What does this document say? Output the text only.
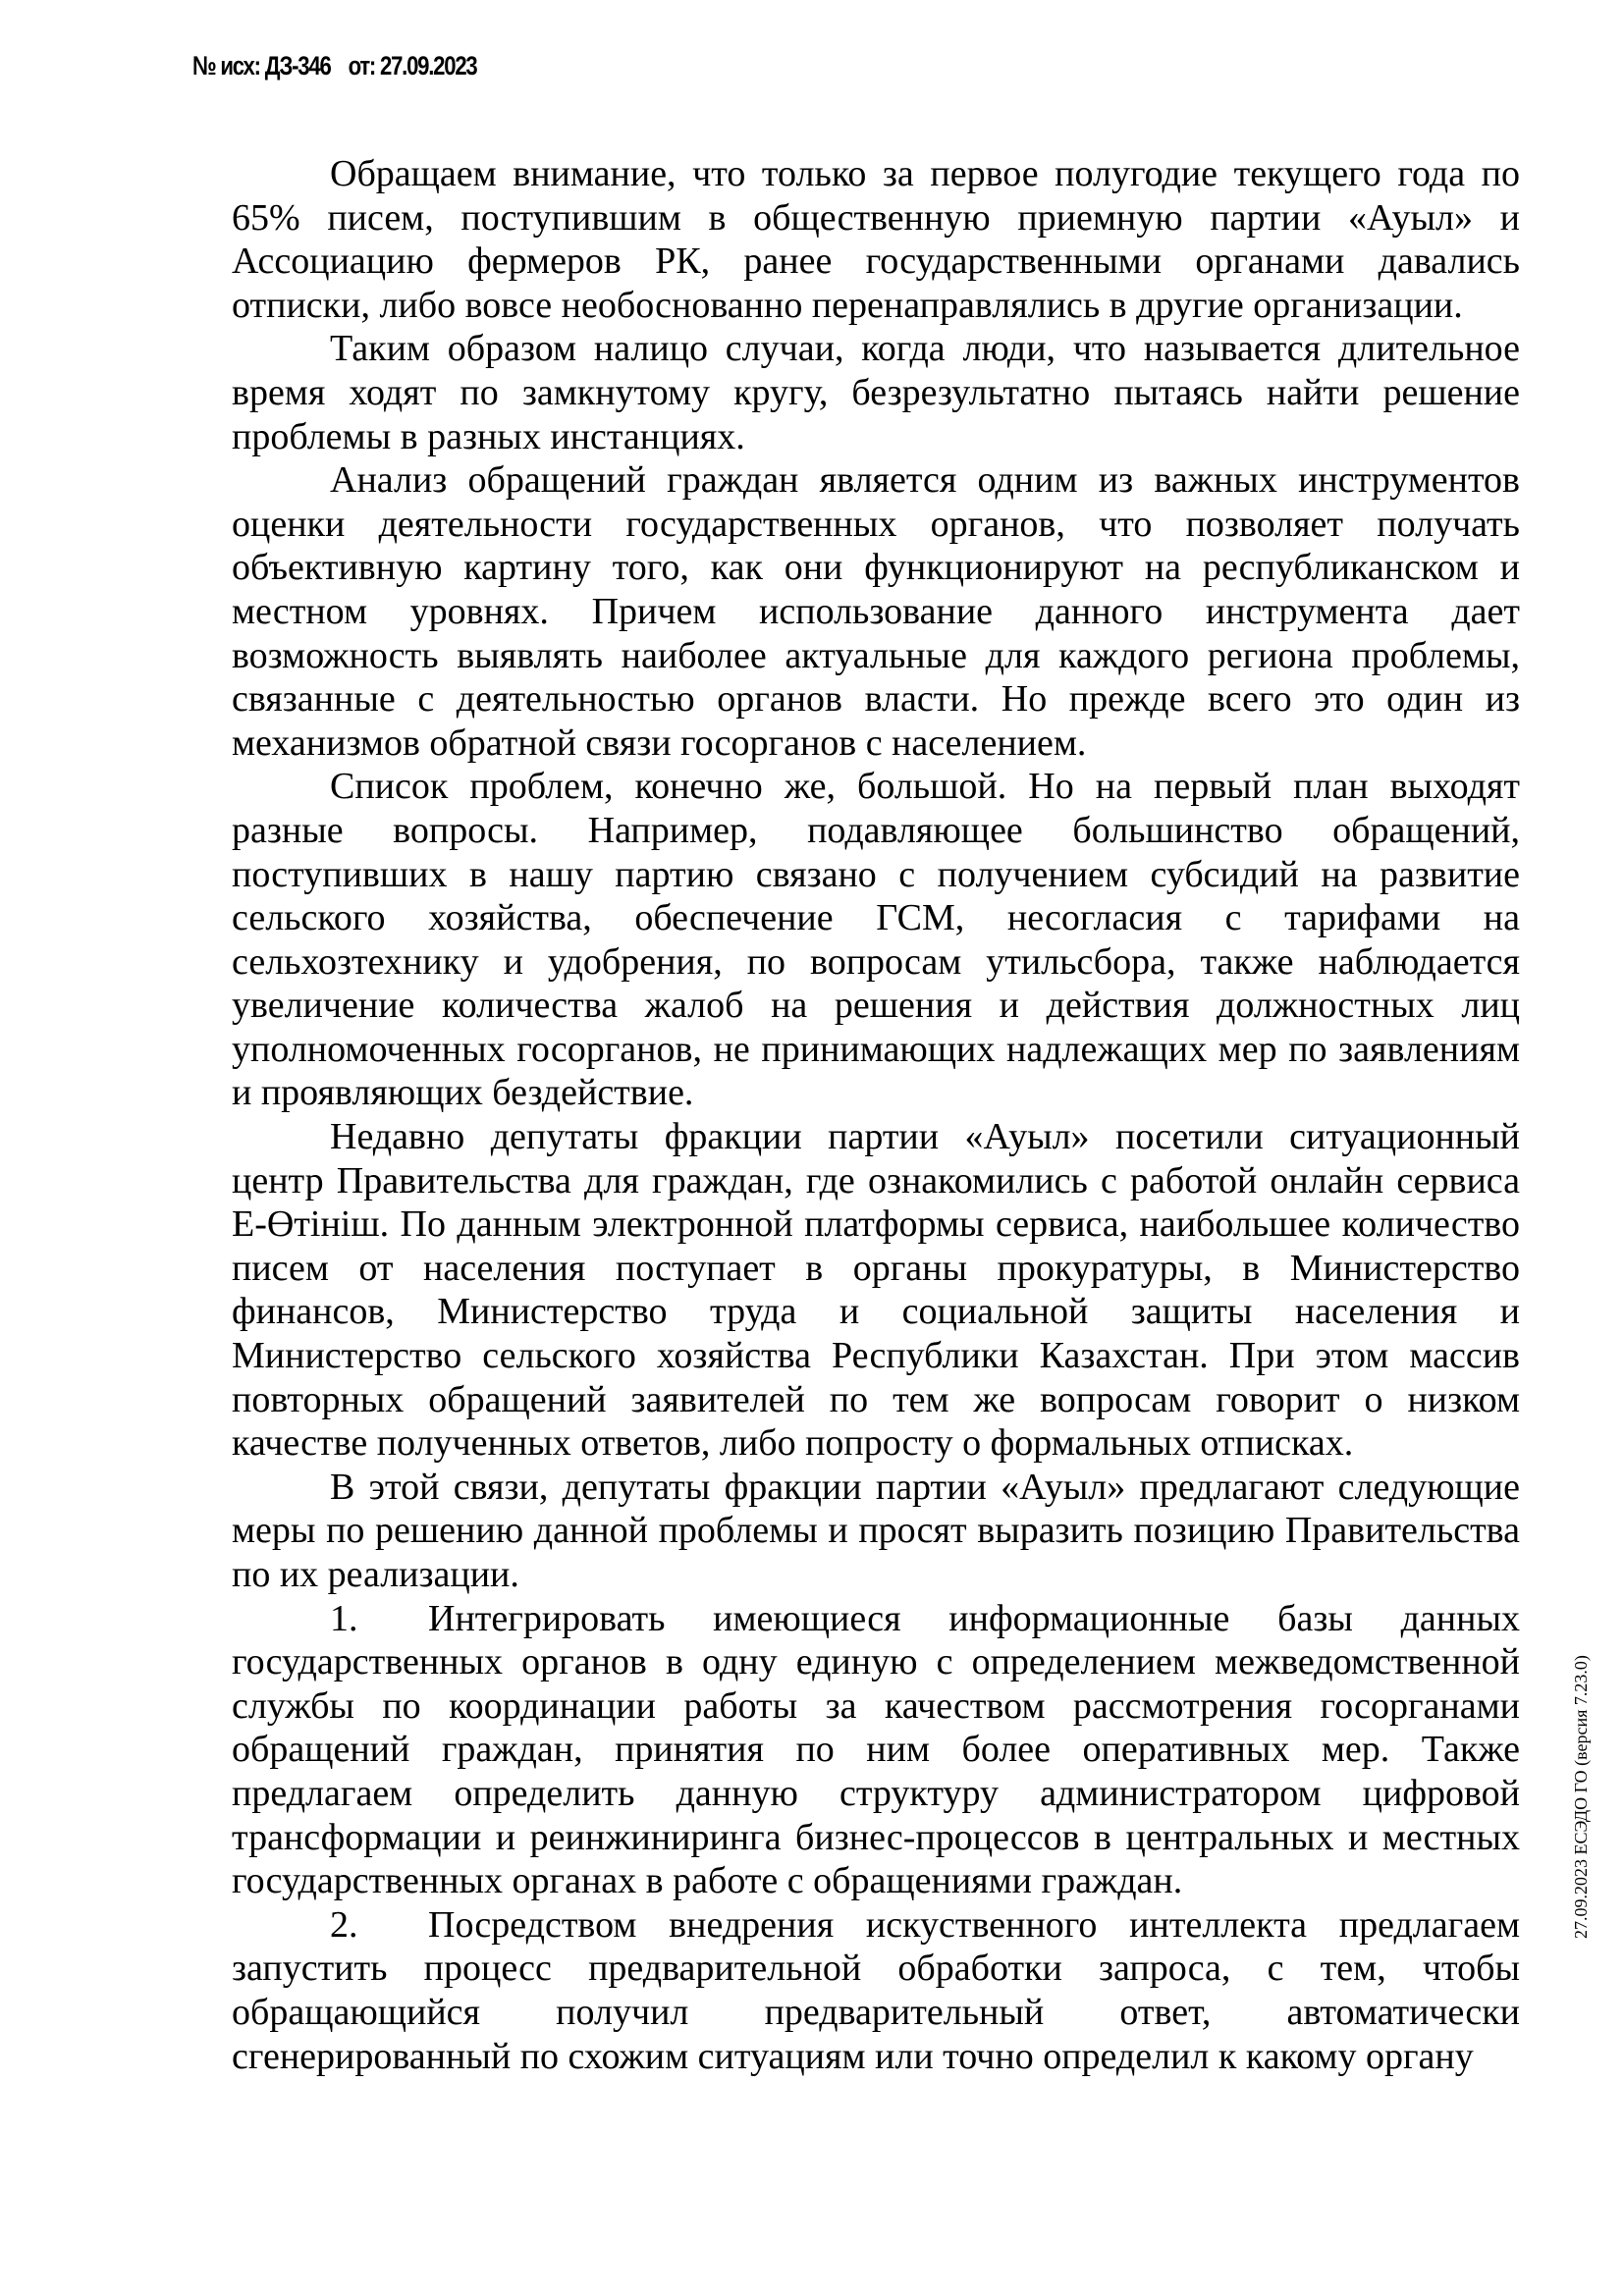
№ исх: ДЗ-346 от: 27.09.2023

Обращаем внимание, что только за первое полугодие текущего года по 65% писем, поступившим в общественную приемную партии «Ауыл» и Ассоциацию фермеров РК, ранее государственными органами давались отписки, либо вовсе необоснованно перенаправлялись в другие организации.

Таким образом налицо случаи, когда люди, что называется длительное время ходят по замкнутому кругу, безрезультатно пытаясь найти решение проблемы в разных инстанциях.

Анализ обращений граждан является одним из важных инструментов оценки деятельности государственных органов, что позволяет получать объективную картину того, как они функционируют на республиканском и местном уровнях. Причем использование данного инструмента дает возможность выявлять наиболее актуальные для каждого региона проблемы, связанные с деятельностью органов власти. Но прежде всего это один из механизмов обратной связи госорганов с населением.

Список проблем, конечно же, большой. Но на первый план выходят разные вопросы. Например, подавляющее большинство обращений, поступивших в нашу партию связано с получением субсидий на развитие сельского хозяйства, обеспечение ГСМ, несогласия с тарифами на сельхозтехнику и удобрения, по вопросам утильсбора, также наблюдается увеличение количества жалоб на решения и действия должностных лиц уполномоченных госорганов, не принимающих надлежащих мер по заявлениям и проявляющих бездействие.

Недавно депутаты фракции партии «Ауыл» посетили ситуационный центр Правительства для граждан, где ознакомились с работой онлайн сервиса Е-Өтініш. По данным электронной платформы сервиса, наибольшее количество писем от населения поступает в органы прокуратуры, в Министерство финансов, Министерство труда и социальной защиты населения и Министерство сельского хозяйства Республики Казахстан. При этом массив повторных обращений заявителей по тем же вопросам говорит о низком качестве полученных ответов, либо попросту о формальных отписках.

В этой связи, депутаты фракции партии «Ауыл» предлагают следующие меры по решению данной проблемы и просят выразить позицию Правительства по их реализации.

1. Интегрировать имеющиеся информационные базы данных государственных органов в одну единую с определением межведомственной службы по координации работы за качеством рассмотрения госорганами обращений граждан, принятия по ним более оперативных мер. Также предлагаем определить данную структуру администратором цифровой трансформации и реинжиниринга бизнес-процессов в центральных и местных государственных органах в работе с обращениями граждан.

2. Посредством внедрения искуственного интеллекта предлагаем запустить процесс предварительной обработки запроса, с тем, чтобы обращающийся получил предварительный ответ, автоматически сгенерированный по схожим ситуациям или точно определил к какому органу

27.09.2023 ЕСЭДО ГО (версия 7.23.0)
